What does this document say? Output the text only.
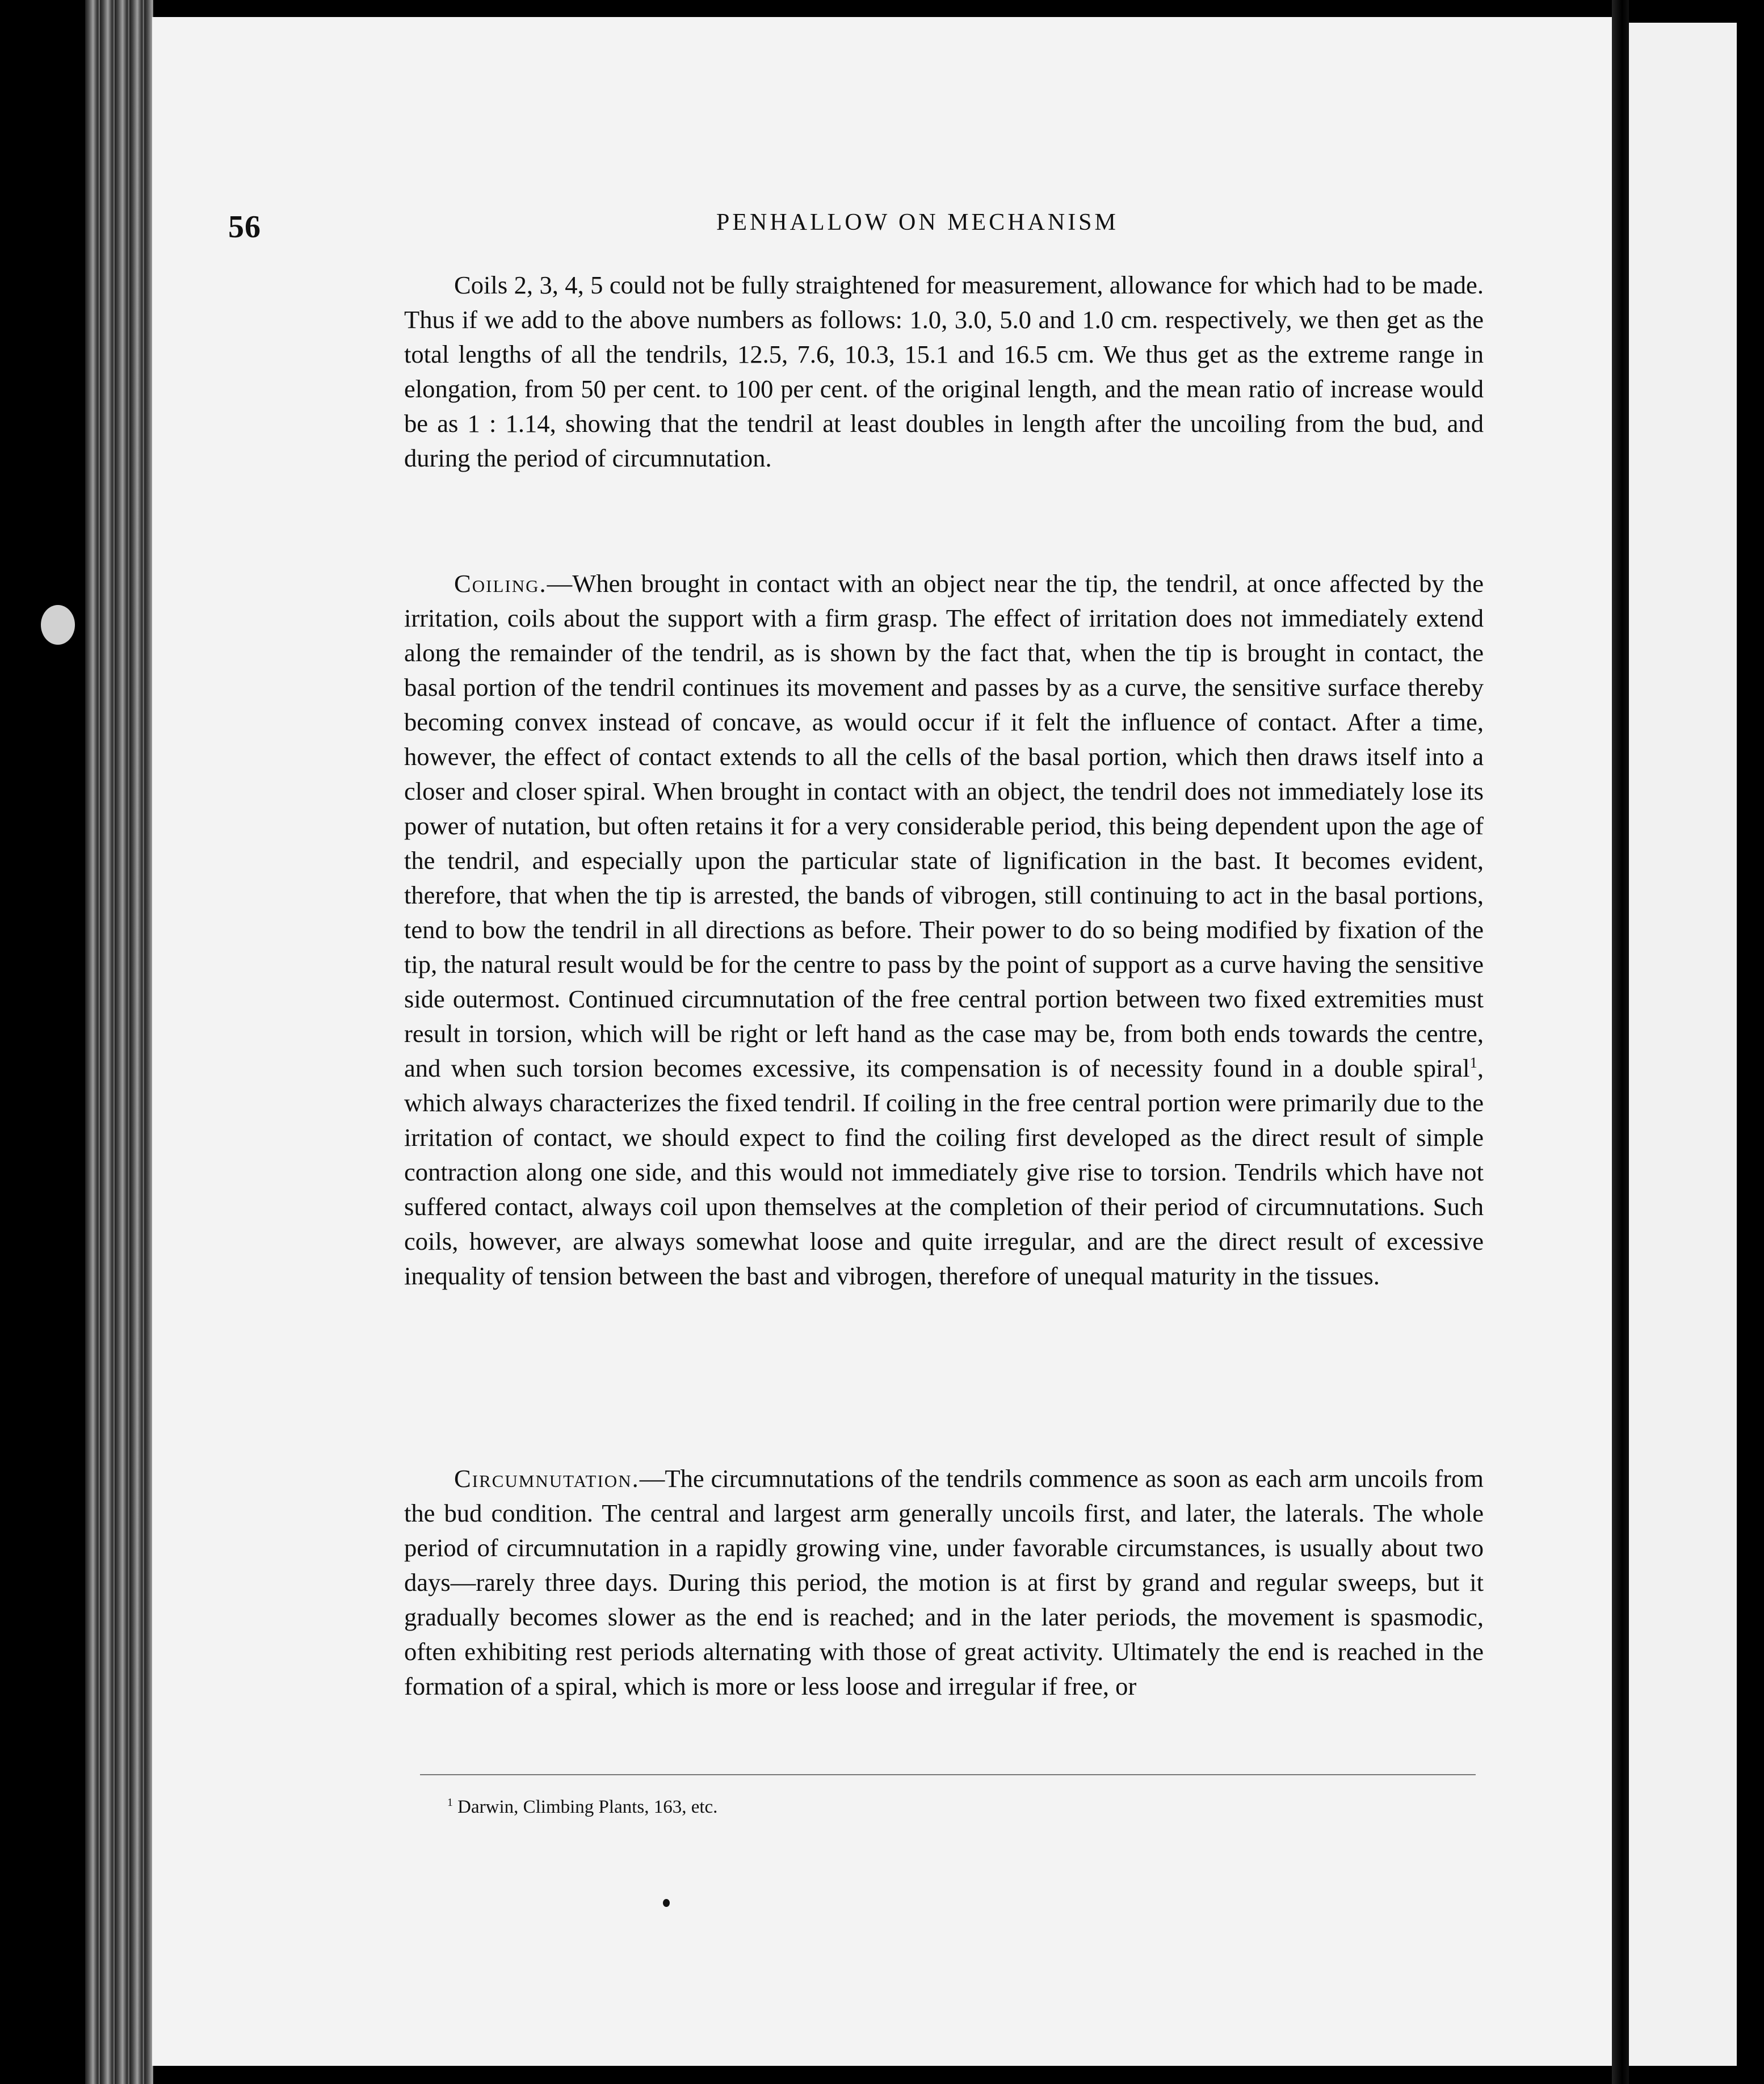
56	PENHALLOW ON MECHANISM

Coils 2, 3, 4, 5 could not be fully straightened for measurement, allowance for which had to be made. Thus if we add to the above numbers as follows: 1.0, 3.0, 5.0 and 1.0 cm. respectively, we then get as the total lengths of all the tendrils, 12.5, 7.6, 10.3, 15.1 and 16.5 cm. We thus get as the extreme range in elongation, from 50 per cent. to 100 per cent. of the original length, and the mean ratio of increase would be as 1 : 1.14, showing that the tendril at least doubles in length after the uncoiling from the bud, and during the period of circumnutation.

Coiling.—When brought in contact with an object near the tip, the tendril, at once affected by the irritation, coils about the support with a firm grasp. The effect of irritation does not immediately extend along the remainder of the tendril, as is shown by the fact that, when the tip is brought in contact, the basal portion of the tendril continues its movement and passes by as a curve, the sensitive surface thereby becoming convex instead of concave, as would occur if it felt the influence of contact. After a time, however, the effect of contact extends to all the cells of the basal portion, which then draws itself into a closer and closer spiral. When brought in contact with an object, the tendril does not immediately lose its power of nutation, but often retains it for a very considerable period, this being dependent upon the age of the tendril, and especially upon the particular state of lignification in the bast. It becomes evident, therefore, that when the tip is arrested, the bands of vibrogen, still continuing to act in the basal portions, tend to bow the tendril in all directions as before. Their power to do so being modified by fixation of the tip, the natural result would be for the centre to pass by the point of support as a curve having the sensitive side outermost. Continued circumnutation of the free central portion between two fixed extremities must result in torsion, which will be right or left hand as the case may be, from both ends towards the centre, and when such torsion becomes excessive, its compensation is of necessity found in a double spiral$^1$, which always characterizes the fixed tendril. If coiling in the free central portion were primarily due to the irritation of contact, we should expect to find the coiling first developed as the direct result of simple contraction along one side, and this would not immediately give rise to torsion. Tendrils which have not suffered contact, always coil upon themselves at the completion of their period of circumnutations. Such coils, however, are always somewhat loose and quite irregular, and are the direct result of excessive inequality of tension between the bast and vibrogen, therefore of unequal maturity in the tissues.

Circumnutation.—The circumnutations of the tendrils commence as soon as each arm uncoils from the bud condition. The central and largest arm generally uncoils first, and later, the laterals. The whole period of circumnutation in a rapidly growing vine, under favorable circumstances, is usually about two days—rarely three days. During this period, the motion is at first by grand and regular sweeps, but it gradually becomes slower as the end is reached; and in the later periods, the movement is spasmodic, often exhibiting rest periods alternating with those of great activity. Ultimately the end is reached in the formation of a spiral, which is more or less loose and irregular if free, or

$^1$ Darwin, Climbing Plants, 163, etc.
